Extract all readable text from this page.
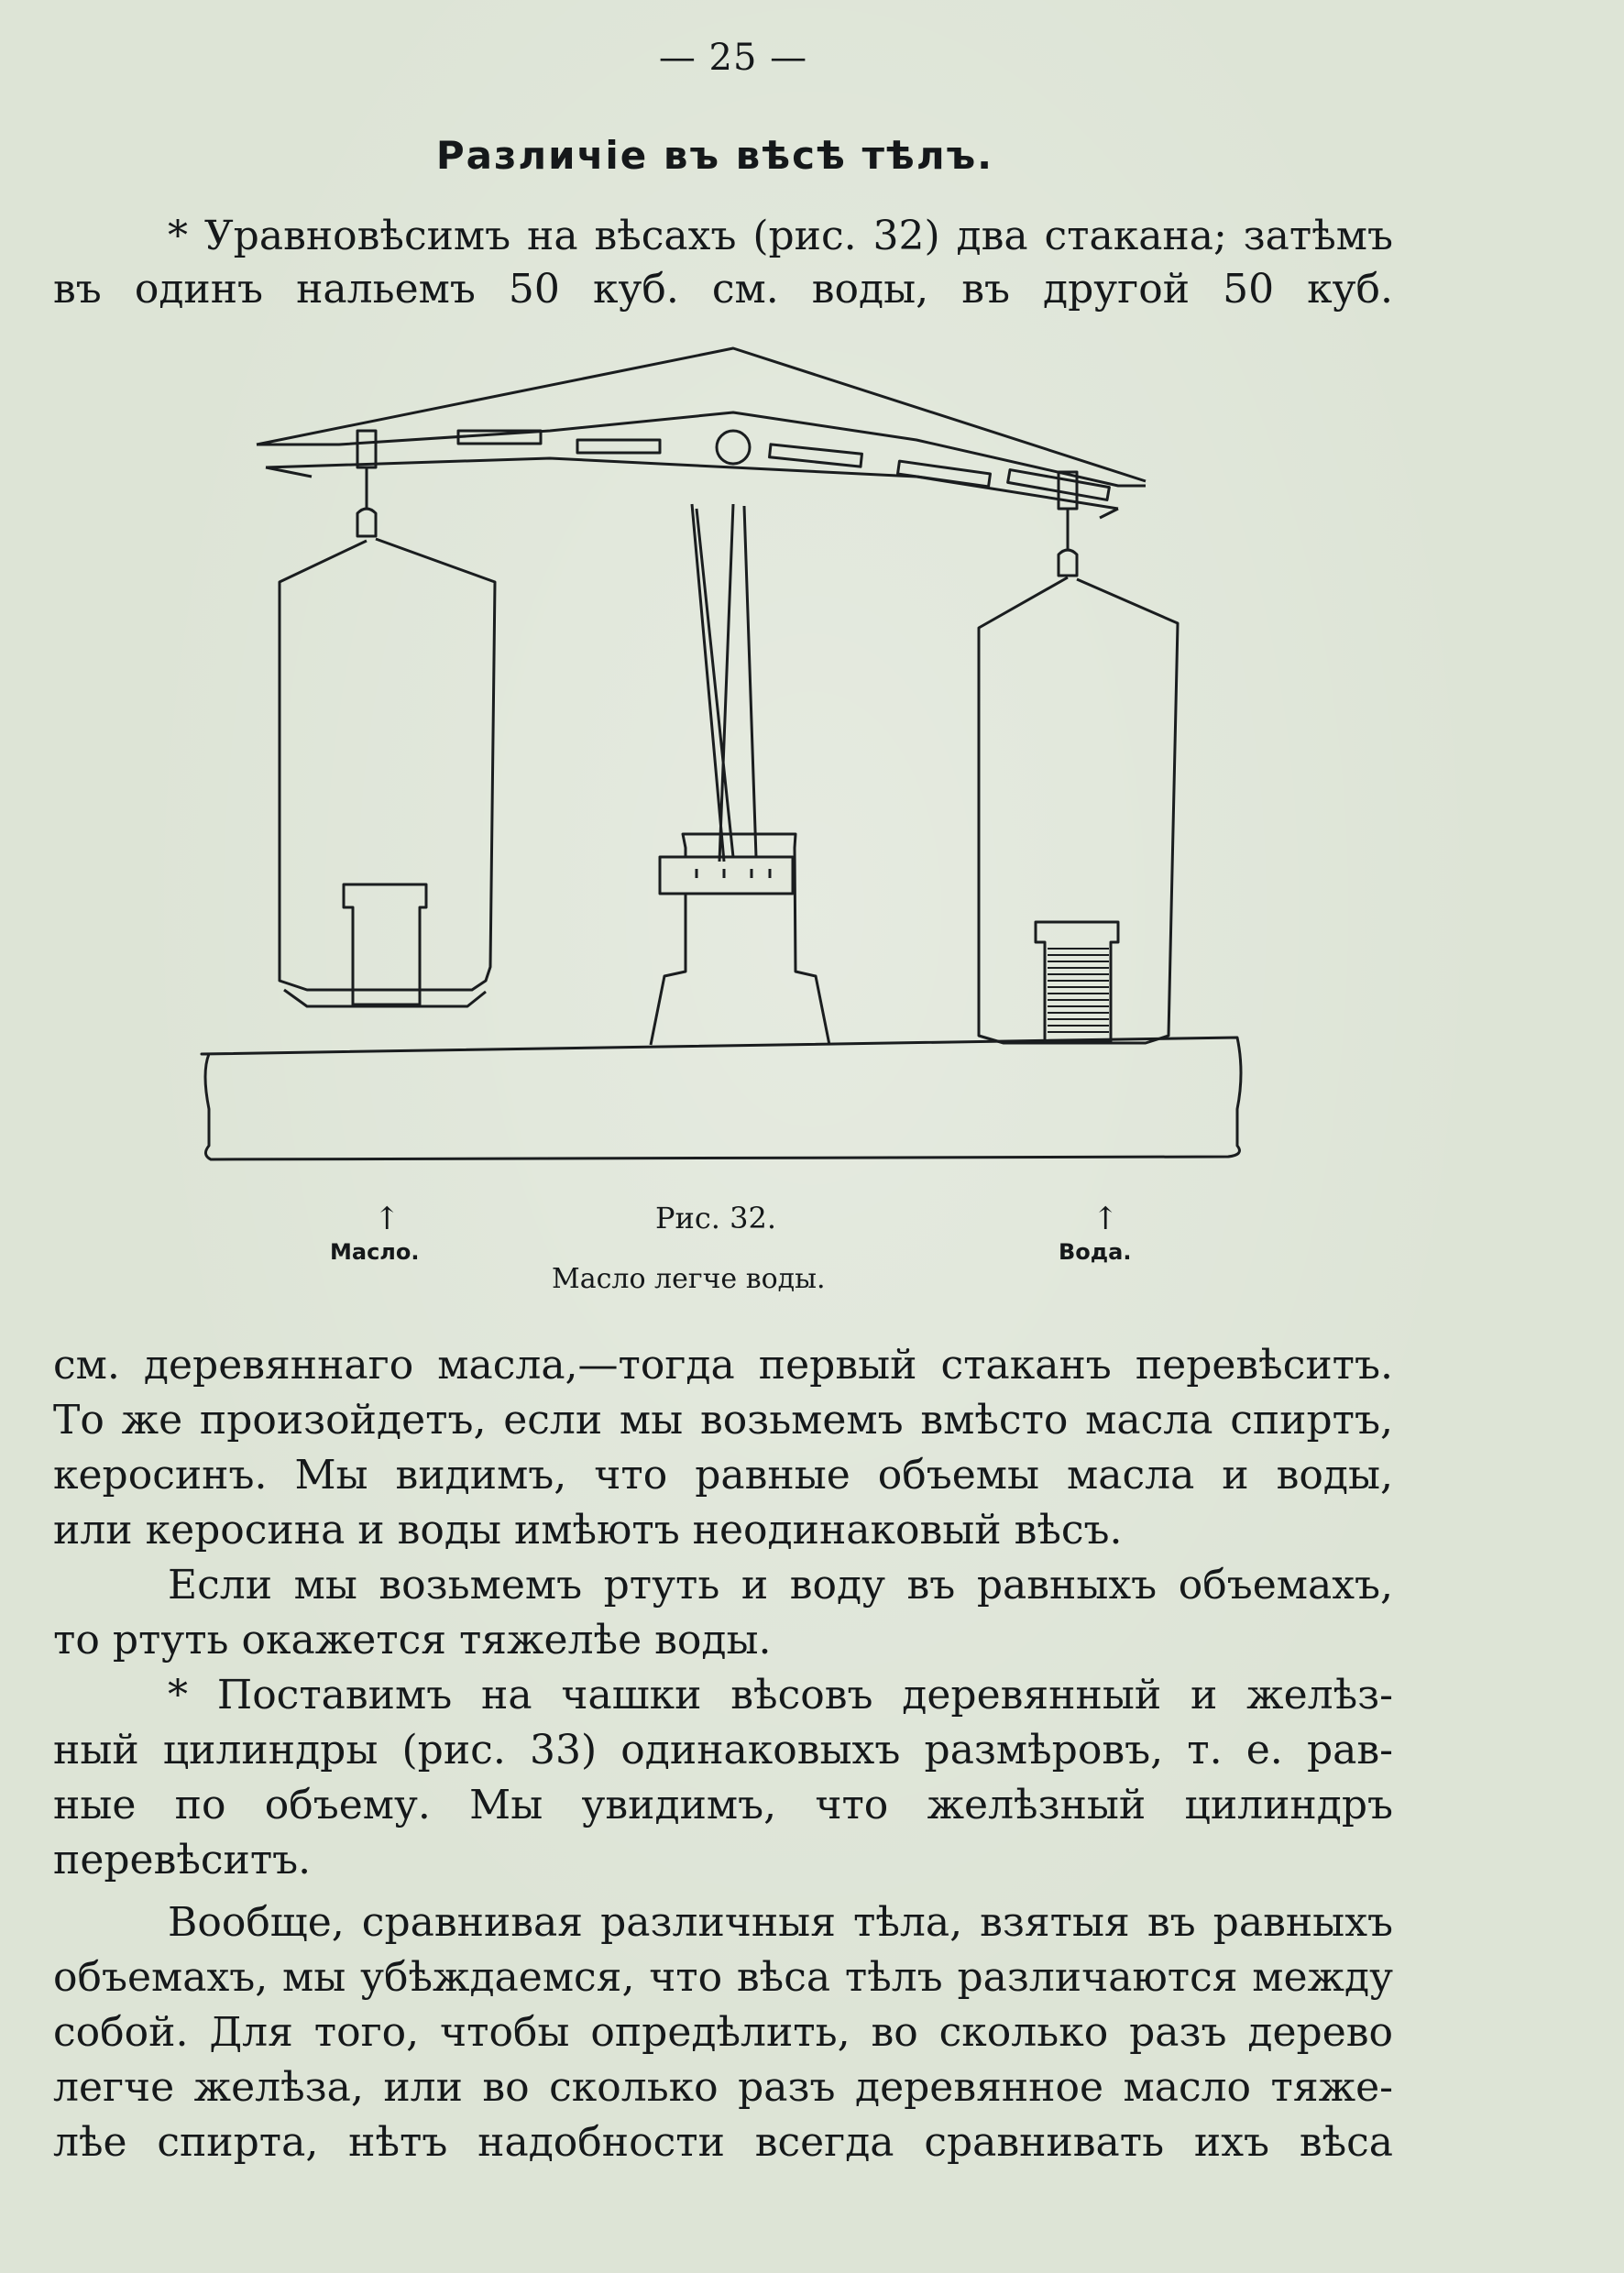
— 25 —
Различіе въ вѣсѣ тѣлъ.
* Уравновѣсимъ на вѣсахъ (рис. 32) два стакана; затѣмъ
въ одинъ нальемъ 50 куб. см. воды, въ другой 50 куб.
↑	↑
Рис. 32.
Масло.	Вода.
Масло легче воды.
см. деревяннаго масла,—тогда первый стаканъ перевѣситъ.
То же произойдетъ, если мы возьмемъ вмѣсто масла спиртъ,
керосинъ. Мы видимъ, что равные объемы масла и воды,
или керосина и воды имѣютъ неодинаковый вѣсъ.
Если мы возьмемъ ртуть и воду въ равныхъ объемахъ,
то ртуть окажется тяжелѣе воды.
* Поставимъ на чашки вѣсовъ деревянный и желѣз-
ный цилиндры (рис. 33) одинаковыхъ размѣровъ, т. е. рав-
ные по объему. Мы увидимъ, что желѣзный цилиндръ
перевѣситъ.
Вообще, сравнивая различныя тѣла, взятыя въ равныхъ
объемахъ, мы убѣждаемся, что вѣса тѣлъ различаются между
собой. Для того, чтобы опредѣлить, во сколько разъ дерево
легче желѣза, или во сколько разъ деревянное масло тяже-
лѣе спирта, нѣтъ надобности всегда сравнивать ихъ вѣса
